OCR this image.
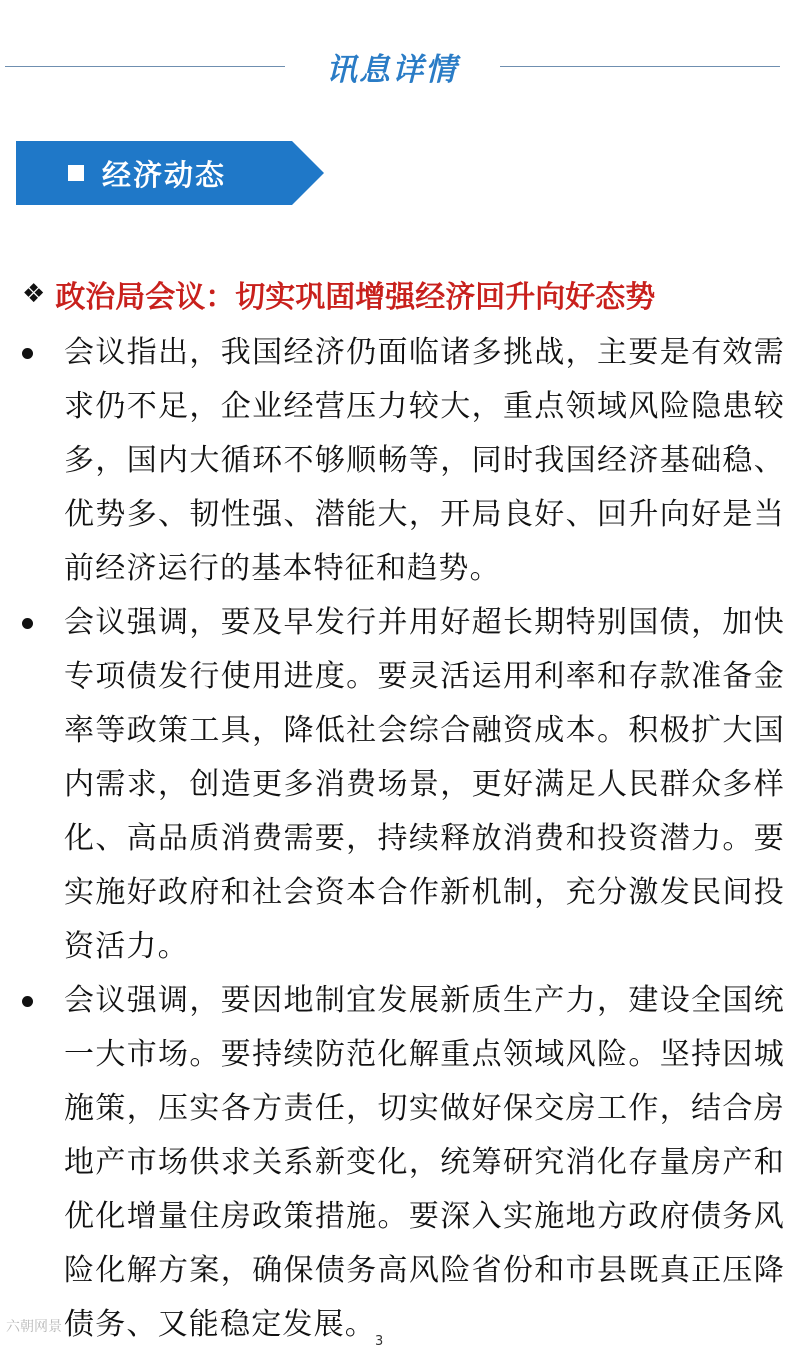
讯息详情
经济动态
❖ 政治局会议：切实巩固增强经济回升向好态势
会议指出，我国经济仍面临诸多挑战，主要是有效需求仍不足，企业经营压力较大，重点领域风险隐患较多，国内大循环不够顺畅等，同时我国经济基础稳、优势多、韧性强、潜能大，开局良好、回升向好是当前经济运行的基本特征和趋势。
会议强调，要及早发行并用好超长期特别国债，加快专项债发行使用进度。要灵活运用利率和存款准备金率等政策工具，降低社会综合融资成本。积极扩大国内需求，创造更多消费场景，更好满足人民群众多样化、高品质消费需要，持续释放消费和投资潜力。要实施好政府和社会资本合作新机制，充分激发民间投资活力。
会议强调，要因地制宜发展新质生产力，建设全国统一大市场。要持续防范化解重点领域风险。坚持因城施策，压实各方责任，切实做好保交房工作，结合房地产市场供求关系新变化，统筹研究消化存量房产和优化增量住房政策措施。要深入实施地方政府债务风险化解方案，确保债务高风险省份和市县既真正压降债务、又能稳定发展。
六朝网景
3
